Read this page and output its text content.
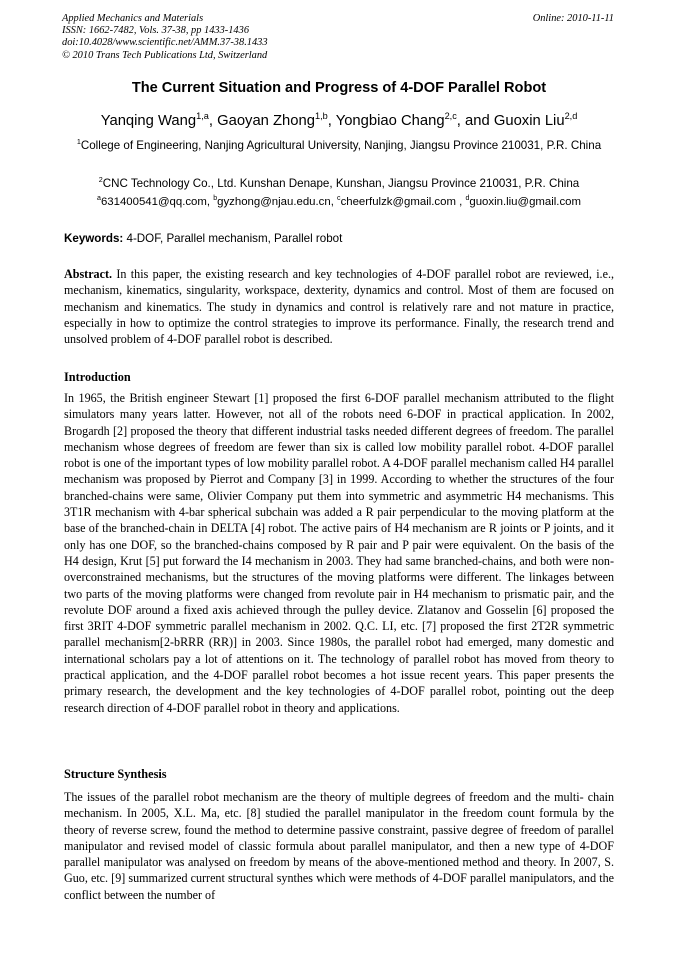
Applied Mechanics and Materials
ISSN: 1662-7482, Vols. 37-38, pp 1433-1436
doi:10.4028/www.scientific.net/AMM.37-38.1433
© 2010 Trans Tech Publications Ltd, Switzerland
Online: 2010-11-11
The Current Situation and Progress of 4-DOF Parallel Robot
Yanqing Wang$^{1,a}$, Gaoyan Zhong$^{1,b}$, Yongbiao Chang$^{2,c}$, and Guoxin Liu$^{2,d}$
$^1$College of Engineering, Nanjing Agricultural University, Nanjing, Jiangsu Province 210031, P.R. China
$^2$CNC Technology Co., Ltd. Kunshan Denape, Kunshan, Jiangsu Province 210031, P.R. China
$^a$631400541@qq.com, $^b$gyzhong@njau.edu.cn, $^c$cheerfulzk@gmail.com , $^d$guoxin.liu@gmail.com
Keywords: 4-DOF, Parallel mechanism, Parallel robot
Abstract. In this paper, the existing research and key technologies of 4-DOF parallel robot are reviewed, i.e., mechanism, kinematics, singularity, workspace, dexterity, dynamics and control. Most of them are focused on mechanism and kinematics. The study in dynamics and control is relatively rare and not mature in practice, especially in how to optimize the control strategies to improve its performance. Finally, the research trend and unsolved problem of 4-DOF parallel robot is described.
Introduction
In 1965, the British engineer Stewart [1] proposed the first 6-DOF parallel mechanism attributed to the flight simulators many years latter. However, not all of the robots need 6-DOF in practical application. In 2002, Brogardh [2] proposed the theory that different industrial tasks needed different degrees of freedom. The parallel mechanism whose degrees of freedom are fewer than six is called low mobility parallel robot. 4-DOF parallel robot is one of the important types of low mobility parallel robot. A 4-DOF parallel mechanism called H4 parallel mechanism was proposed by Pierrot and Company [3] in 1999. According to whether the structures of the four branched-chains were same, Olivier Company put them into symmetric and asymmetric H4 mechanisms. This 3T1R mechanism with 4-bar spherical subchain was added a R pair perpendicular to the moving platform at the base of the branched-chain in DELTA [4] robot. The active pairs of H4 mechanism are R joints or P joints, and it only has one DOF, so the branched-chains composed by R pair and P pair were equivalent. On the basis of the H4 design, Krut [5] put forward the I4 mechanism in 2003. They had same branched-chains, and both were non-overconstrained mechanisms, but the structures of the moving platforms were different. The linkages between two parts of the moving platforms were changed from revolute pair in H4 mechanism to prismatic pair, and the revolute DOF around a fixed axis achieved through the pulley device. Zlatanov and Gosselin [6] proposed the first 3RIT 4-DOF symmetric parallel mechanism in 2002. Q.C. LI, etc. [7] proposed the first 2T2R symmetric parallel mechanism[2-bRRR (RR)] in 2003. Since 1980s, the parallel robot had emerged, many domestic and international scholars pay a lot of attentions on it. The technology of parallel robot has moved from theory to practical application, and the 4-DOF parallel robot becomes a hot issue recent years. This paper presents the primary research, the development and the key technologies of 4-DOF parallel robot, pointing out the deep research direction of 4-DOF parallel robot in theory and applications.
Structure Synthesis
The issues of the parallel robot mechanism are the theory of multiple degrees of freedom and the multi- chain mechanism. In 2005, X.L. Ma, etc. [8] studied the parallel manipulator in the freedom count formula by the theory of reverse screw, found the method to determine passive constraint, passive degree of freedom of parallel manipulator and revised model of classic formula about parallel manipulator, and then a new type of 4-DOF parallel manipulator was analysed on freedom by means of the above-mentioned method and theory. In 2007, S. Guo, etc. [9] summarized current structural synthes which were methods of 4-DOF parallel manipulators, and the conflict between the number of
